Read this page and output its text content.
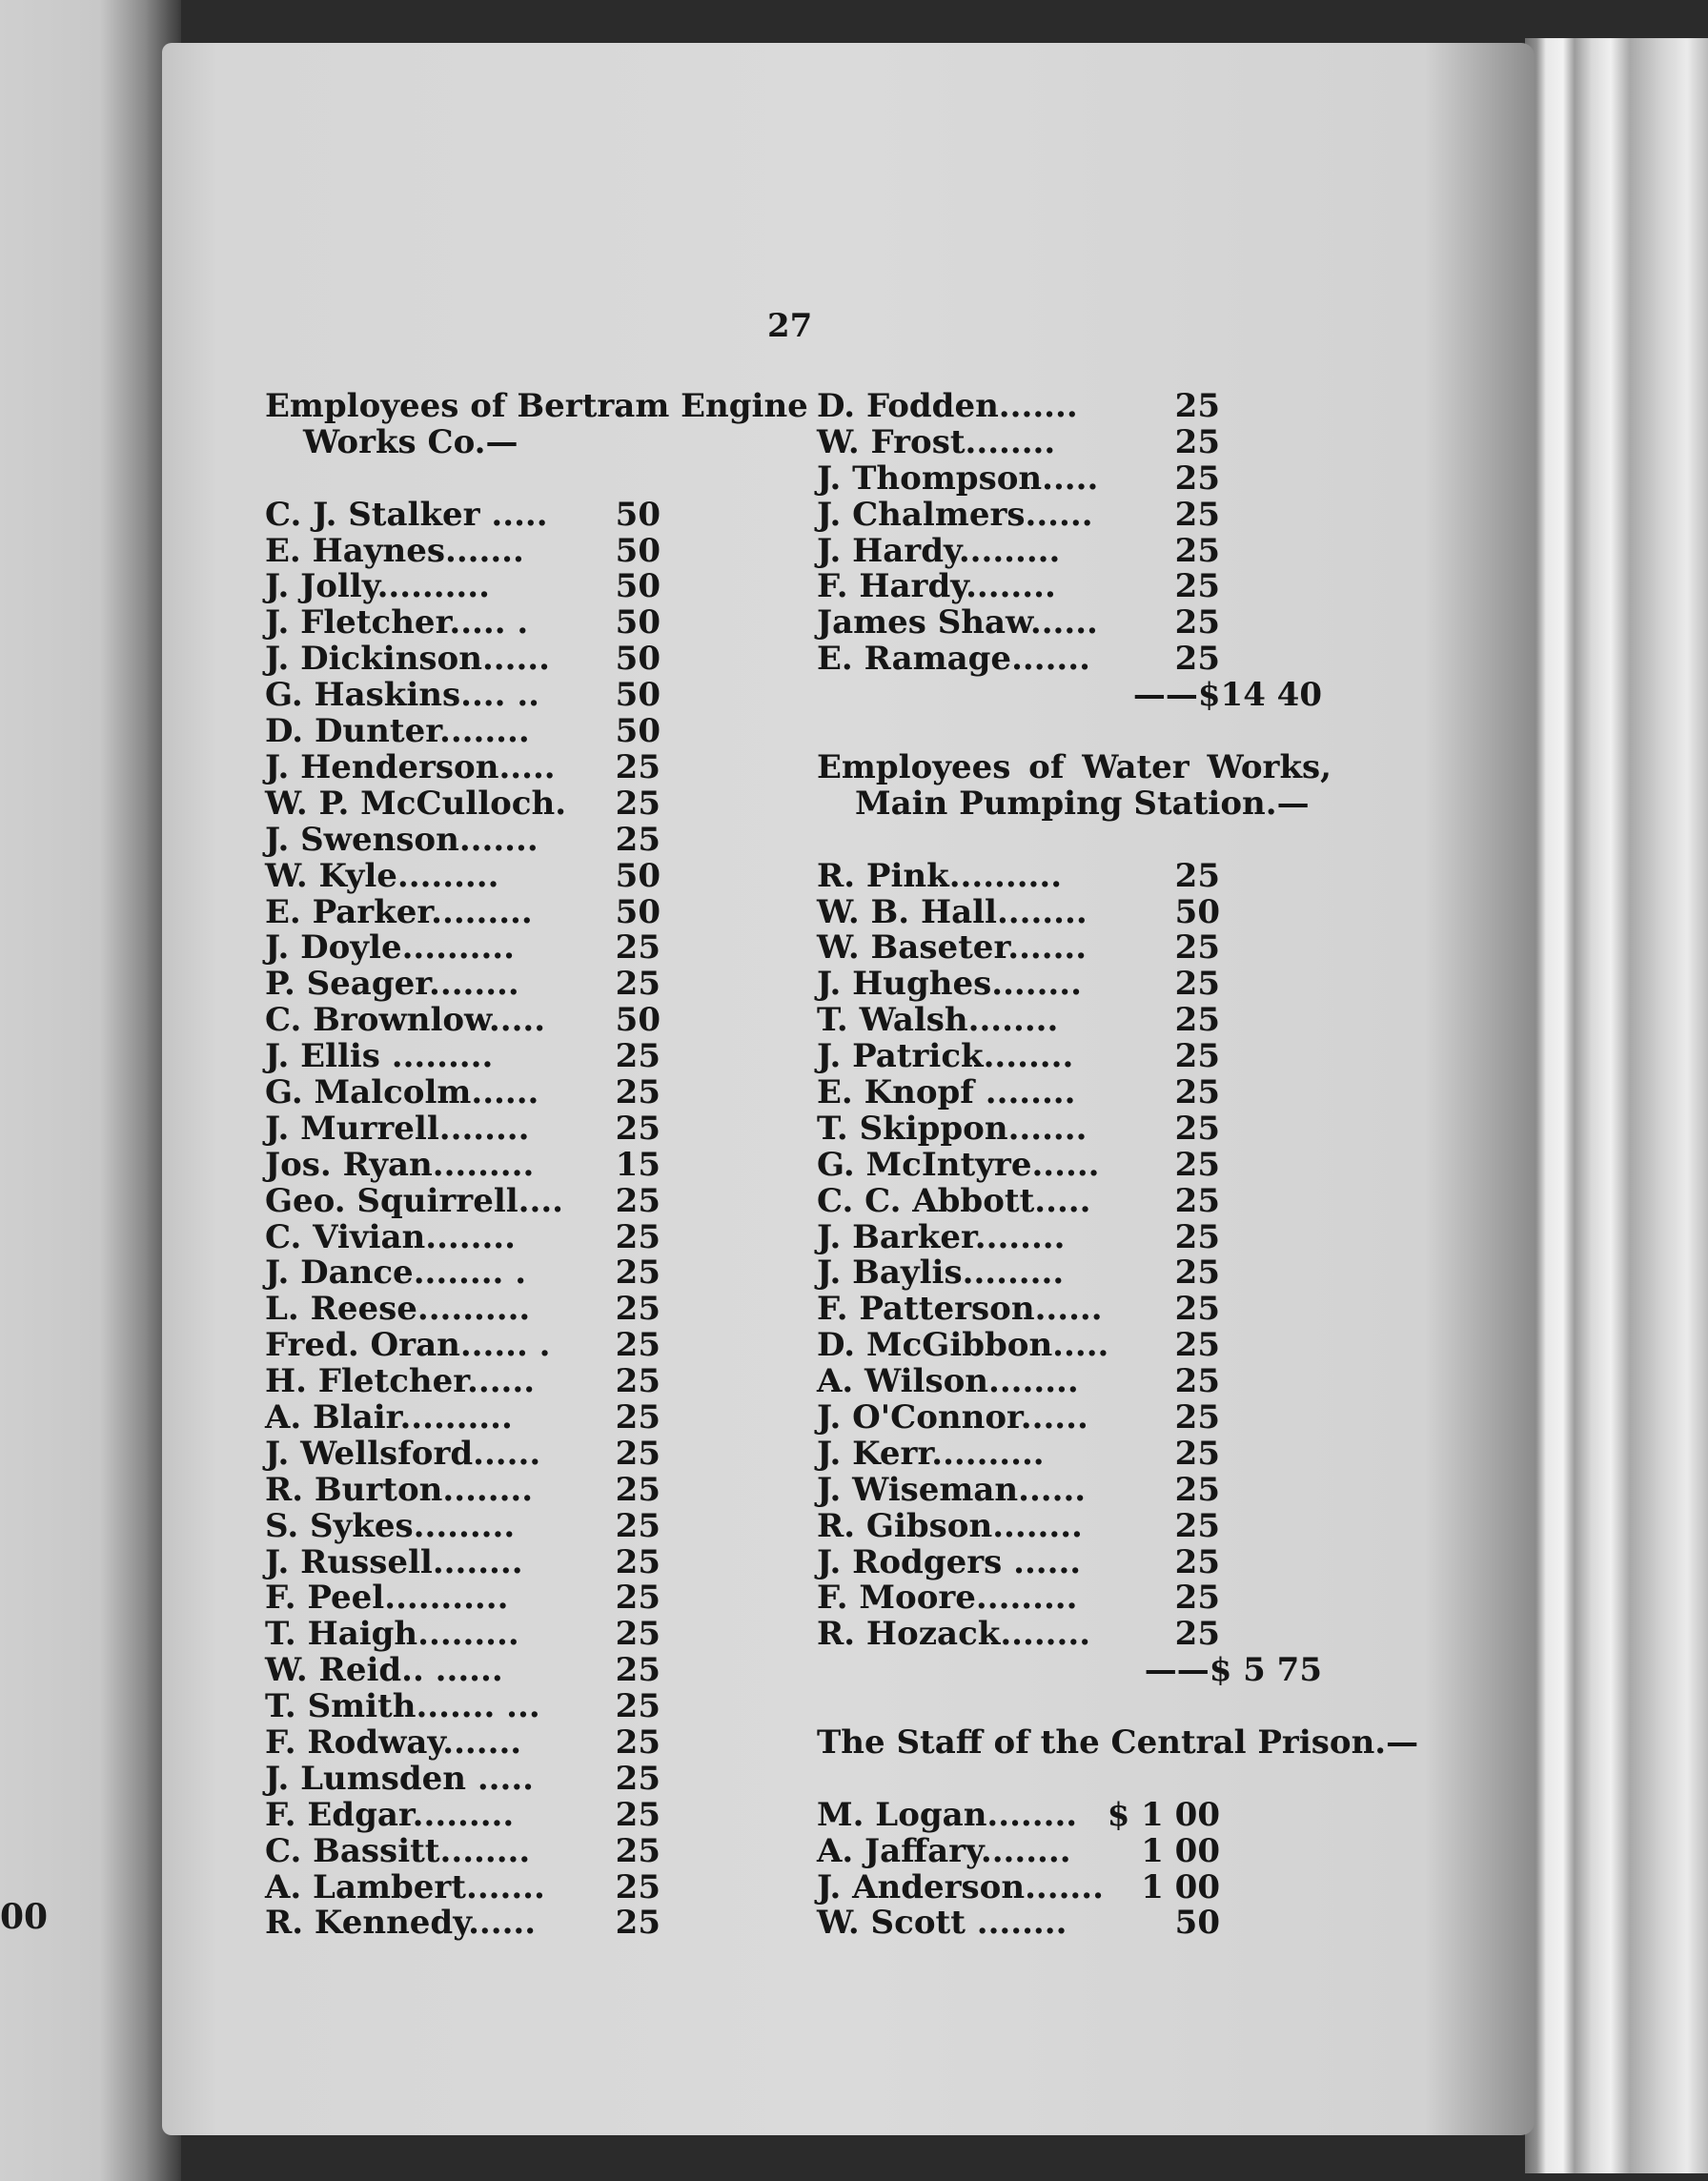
00
27
Employees of Bertram Engine
Works Co.—
C. J. Stalker .....	50
E. Haynes.......	50
J. Jolly..........	50
J. Fletcher..... .	50
J. Dickinson......	50
G. Haskins.... ..	50
D. Dunter........	50
J. Henderson.....	25
W. P. McCulloch.	25
J. Swenson.......	25
W. Kyle.........	50
E. Parker.........	50
J. Doyle..........	25
P. Seager........	25
C. Brownlow.....	50
J. Ellis .........	25
G. Malcolm......	25
J. Murrell........	25
Jos. Ryan.........	15
Geo. Squirrell....	25
C. Vivian........	25
J. Dance........ .	25
L. Reese..........	25
Fred. Oran...... .	25
H. Fletcher......	25
A. Blair..........	25
J. Wellsford......	25
R. Burton........	25
S. Sykes.........	25
J. Russell........	25
F. Peel...........	25
T. Haigh.........	25
W. Reid.. ......	25
T. Smith....... ...	25
F. Rodway.......	25
J. Lumsden .....	25
F. Edgar.........	25
C. Bassitt........	25
A. Lambert.......	25
R. Kennedy......	25
D. Fodden.......	25
W. Frost........	25
J. Thompson.....	25
J. Chalmers......	25
J. Hardy.........	25
F. Hardy........	25
James Shaw......	25
E. Ramage.......	25
——$14 40
Employees of Water Works,
Main Pumping Station.—
R. Pink..........	25
W. B. Hall........	50
W. Baseter.......	25
J. Hughes........	25
T. Walsh........	25
J. Patrick........	25
E. Knopf ........	25
T. Skippon.......	25
G. McIntyre......	25
C. C. Abbott.....	25
J. Barker........	25
J. Baylis.........	25
F. Patterson......	25
D. McGibbon.....	25
A. Wilson........	25
J. O'Connor......	25
J. Kerr..........	25
J. Wiseman......	25
R. Gibson........	25
J. Rodgers ......	25
F. Moore.........	25
R. Hozack........	25
——$ 5 75
The Staff of the Central Prison.—
M. Logan........ $ 1 00
A. Jaffary........	1 00
J. Anderson.......	1 00
W. Scott ........	50
